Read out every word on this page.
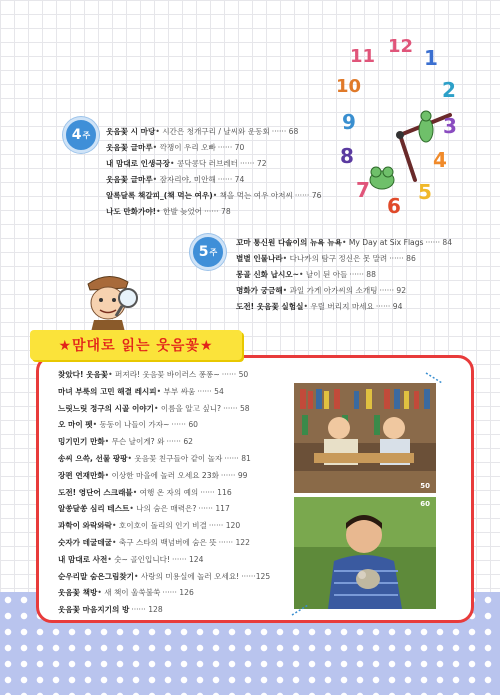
4 주 웃음꽃 시 마당 • 시간은 청개구리 / 날씨와 운동회 ······ 68
웃음꽃 글마루 • 깍쟁이 우리 오빠 ······ 70
내 맘대로 인생극장 • 콩닥콩닥 러브레터 ······ 72
웃음꽃 글마루 • 잠자리야, 미안해 ······ 74
알록달록 책갈피_(책 먹는 여우) • 책을 먹는 여우 아저씨 ······ 76
나도 만화가야! • 한발 늦었어 ······ 78
11 12 1
2
3
4
5
6
7
8
9
10
5 주
꼬마 통신원 다솔이의 뉴욕 뉴욕 • My Day at Six Flags ······ 84
별별 인물나라 • 다나카의 탐구 정신은 못 말려 ······ 86
몽골 신화 납시오~ • 날이 된 아들 ······ 88
명화가 궁금해 • 과일 가게 아가씨의 소개팅 ······ 92
도전! 웃음꽃 실험실 • 우릴 버리지 마세요 ······ 94
★맘대로 읽는 웃음꽃★
찾았다! 웃음꽃 • 퍼져라! 웃음꽃 바이러스 퐁퐁~ ······ 50
마녀 부룩의 고민 해결 레시피 • 부부 싸움 ······ 54
느릿느릿 정구의 시골 이야기 • 이름을 알고 싶니? ······ 58
오 마이 펫 • 동동이 나들이 가자~ ······ 60
밍기민기 만화 • 무슨 날이게? 와 ······ 62
송씨 으쓱, 선물 팡팡 • 웃음꽃 친구들아 같이 놀자 ······ 81
장편 연재만화 • 이상한 마을에 놀러 오세요 23화 ······ 99
도전! 영단어 스크래블 • 여행 온 자의 예의 ······ 116
알쏭달쏭 심리 테스트 • 나의 숨은 매력은? ······ 117
과학이 와락와락 • 호이호이 돌리의 인기 비결 ······ 120
숫자가 데굴데굴 • 축구 스타의 백넘버에 숨은 뜻 ······ 122
내 맘대로 사전 • 숫~ 골인입니다! ······ 124
순우리말 숨은그림찾기 • 사랑의 미용실에 놀러 오세요! ······125
웃음꽃 책방 • 새 책이 울쑥불쑥 ······ 126
웃음꽃 마음지기의 방 ······ 128
50
60
